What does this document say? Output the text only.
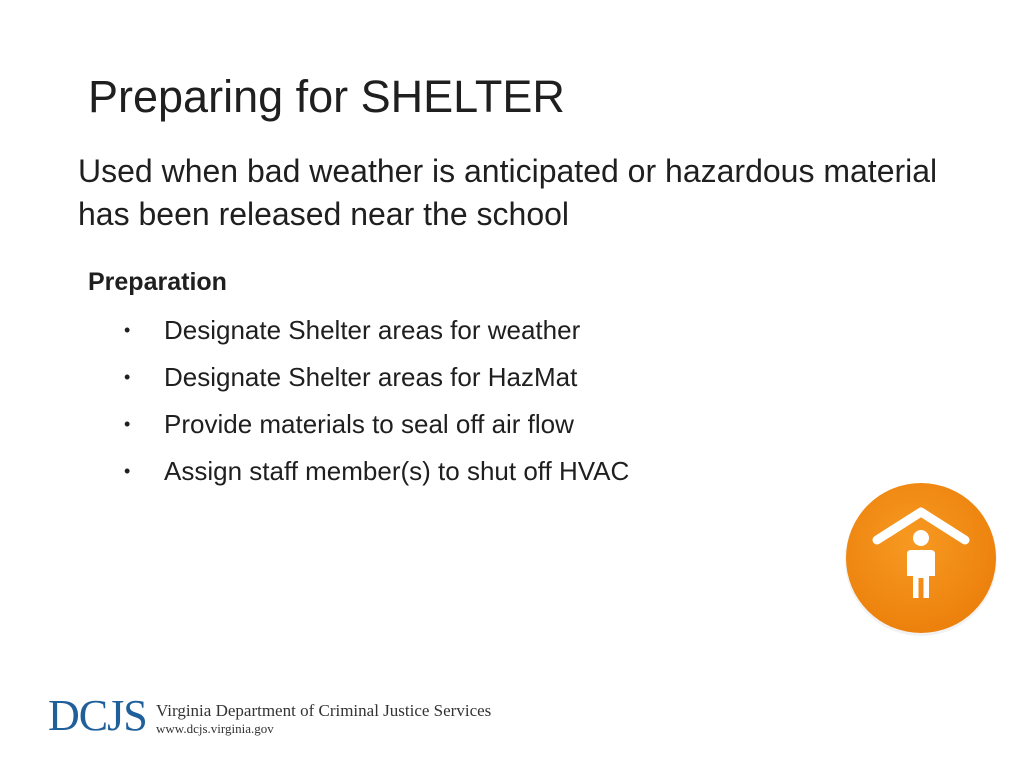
Preparing for SHELTER
Used when bad weather is anticipated or hazardous material has been released near the school
Preparation
• Designate Shelter areas for weather
• Designate Shelter areas for HazMat
• Provide materials to seal off air flow
• Assign staff member(s) to shut off HVAC
DCJS Virginia Department of Criminal Justice Services
www.dcjs.virginia.gov
